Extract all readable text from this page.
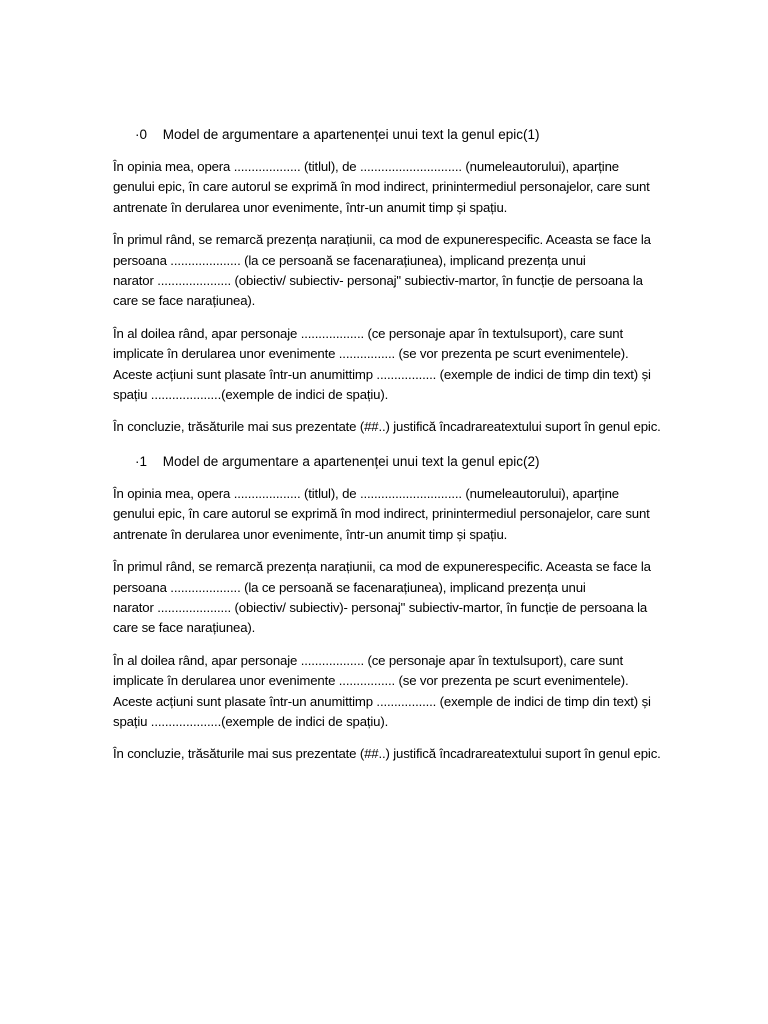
·0 Model de argumentare a apartenenței unui text la genul epic(1)

În opinia mea, opera ................... (titlul), de ............................. (numeleautorului), aparține
genului epic, în care autorul se exprimă în mod indirect, prinintermediul personajelor, care sunt
antrenate în derularea unor evenimente, într-un anumit timp și spațiu.

În primul rând, se remarcă prezența narațiunii, ca mod de expunerespecific. Aceasta se face la
persoana .................... (la ce persoană se facenarațiunea), implicand prezența unui
narator ..................... (obiectiv/ subiectiv- personaj" subiectiv-martor, în funcție de persoana la
care se face narațiunea).

În al doilea rând, apar personaje .................. (ce personaje apar în textulsuport), care sunt
implicate în derularea unor evenimente ................ (se vor prezenta pe scurt evenimentele).
Aceste acțiuni sunt plasate într-un anumittimp ................. (exemple de indici de timp din text) și
spațiu ....................(exemple de indici de spațiu).

În concluzie, trăsăturile mai sus prezentate (##..) justifică încadrareatextului suport în genul epic.

·1 Model de argumentare a apartenenței unui text la genul epic(2)

În opinia mea, opera ................... (titlul), de ............................. (numeleautorului), aparține
genului epic, în care autorul se exprimă în mod indirect, prinintermediul personajelor, care sunt
antrenate în derularea unor evenimente, într-un anumit timp și spațiu.

În primul rând, se remarcă prezența narațiunii, ca mod de expunerespecific. Aceasta se face la
persoana .................... (la ce persoană se facenarațiunea), implicand prezența unui
narator ..................... (obiectiv/ subiectiv)- personaj" subiectiv-martor, în funcție de persoana la
care se face narațiunea).

În al doilea rând, apar personaje .................. (ce personaje apar în textulsuport), care sunt
implicate în derularea unor evenimente ................ (se vor prezenta pe scurt evenimentele).
Aceste acțiuni sunt plasate într-un anumittimp ................. (exemple de indici de timp din text) și
spațiu ....................(exemple de indici de spațiu).

În concluzie, trăsăturile mai sus prezentate (##..) justifică încadrareatextului suport în genul epic.
